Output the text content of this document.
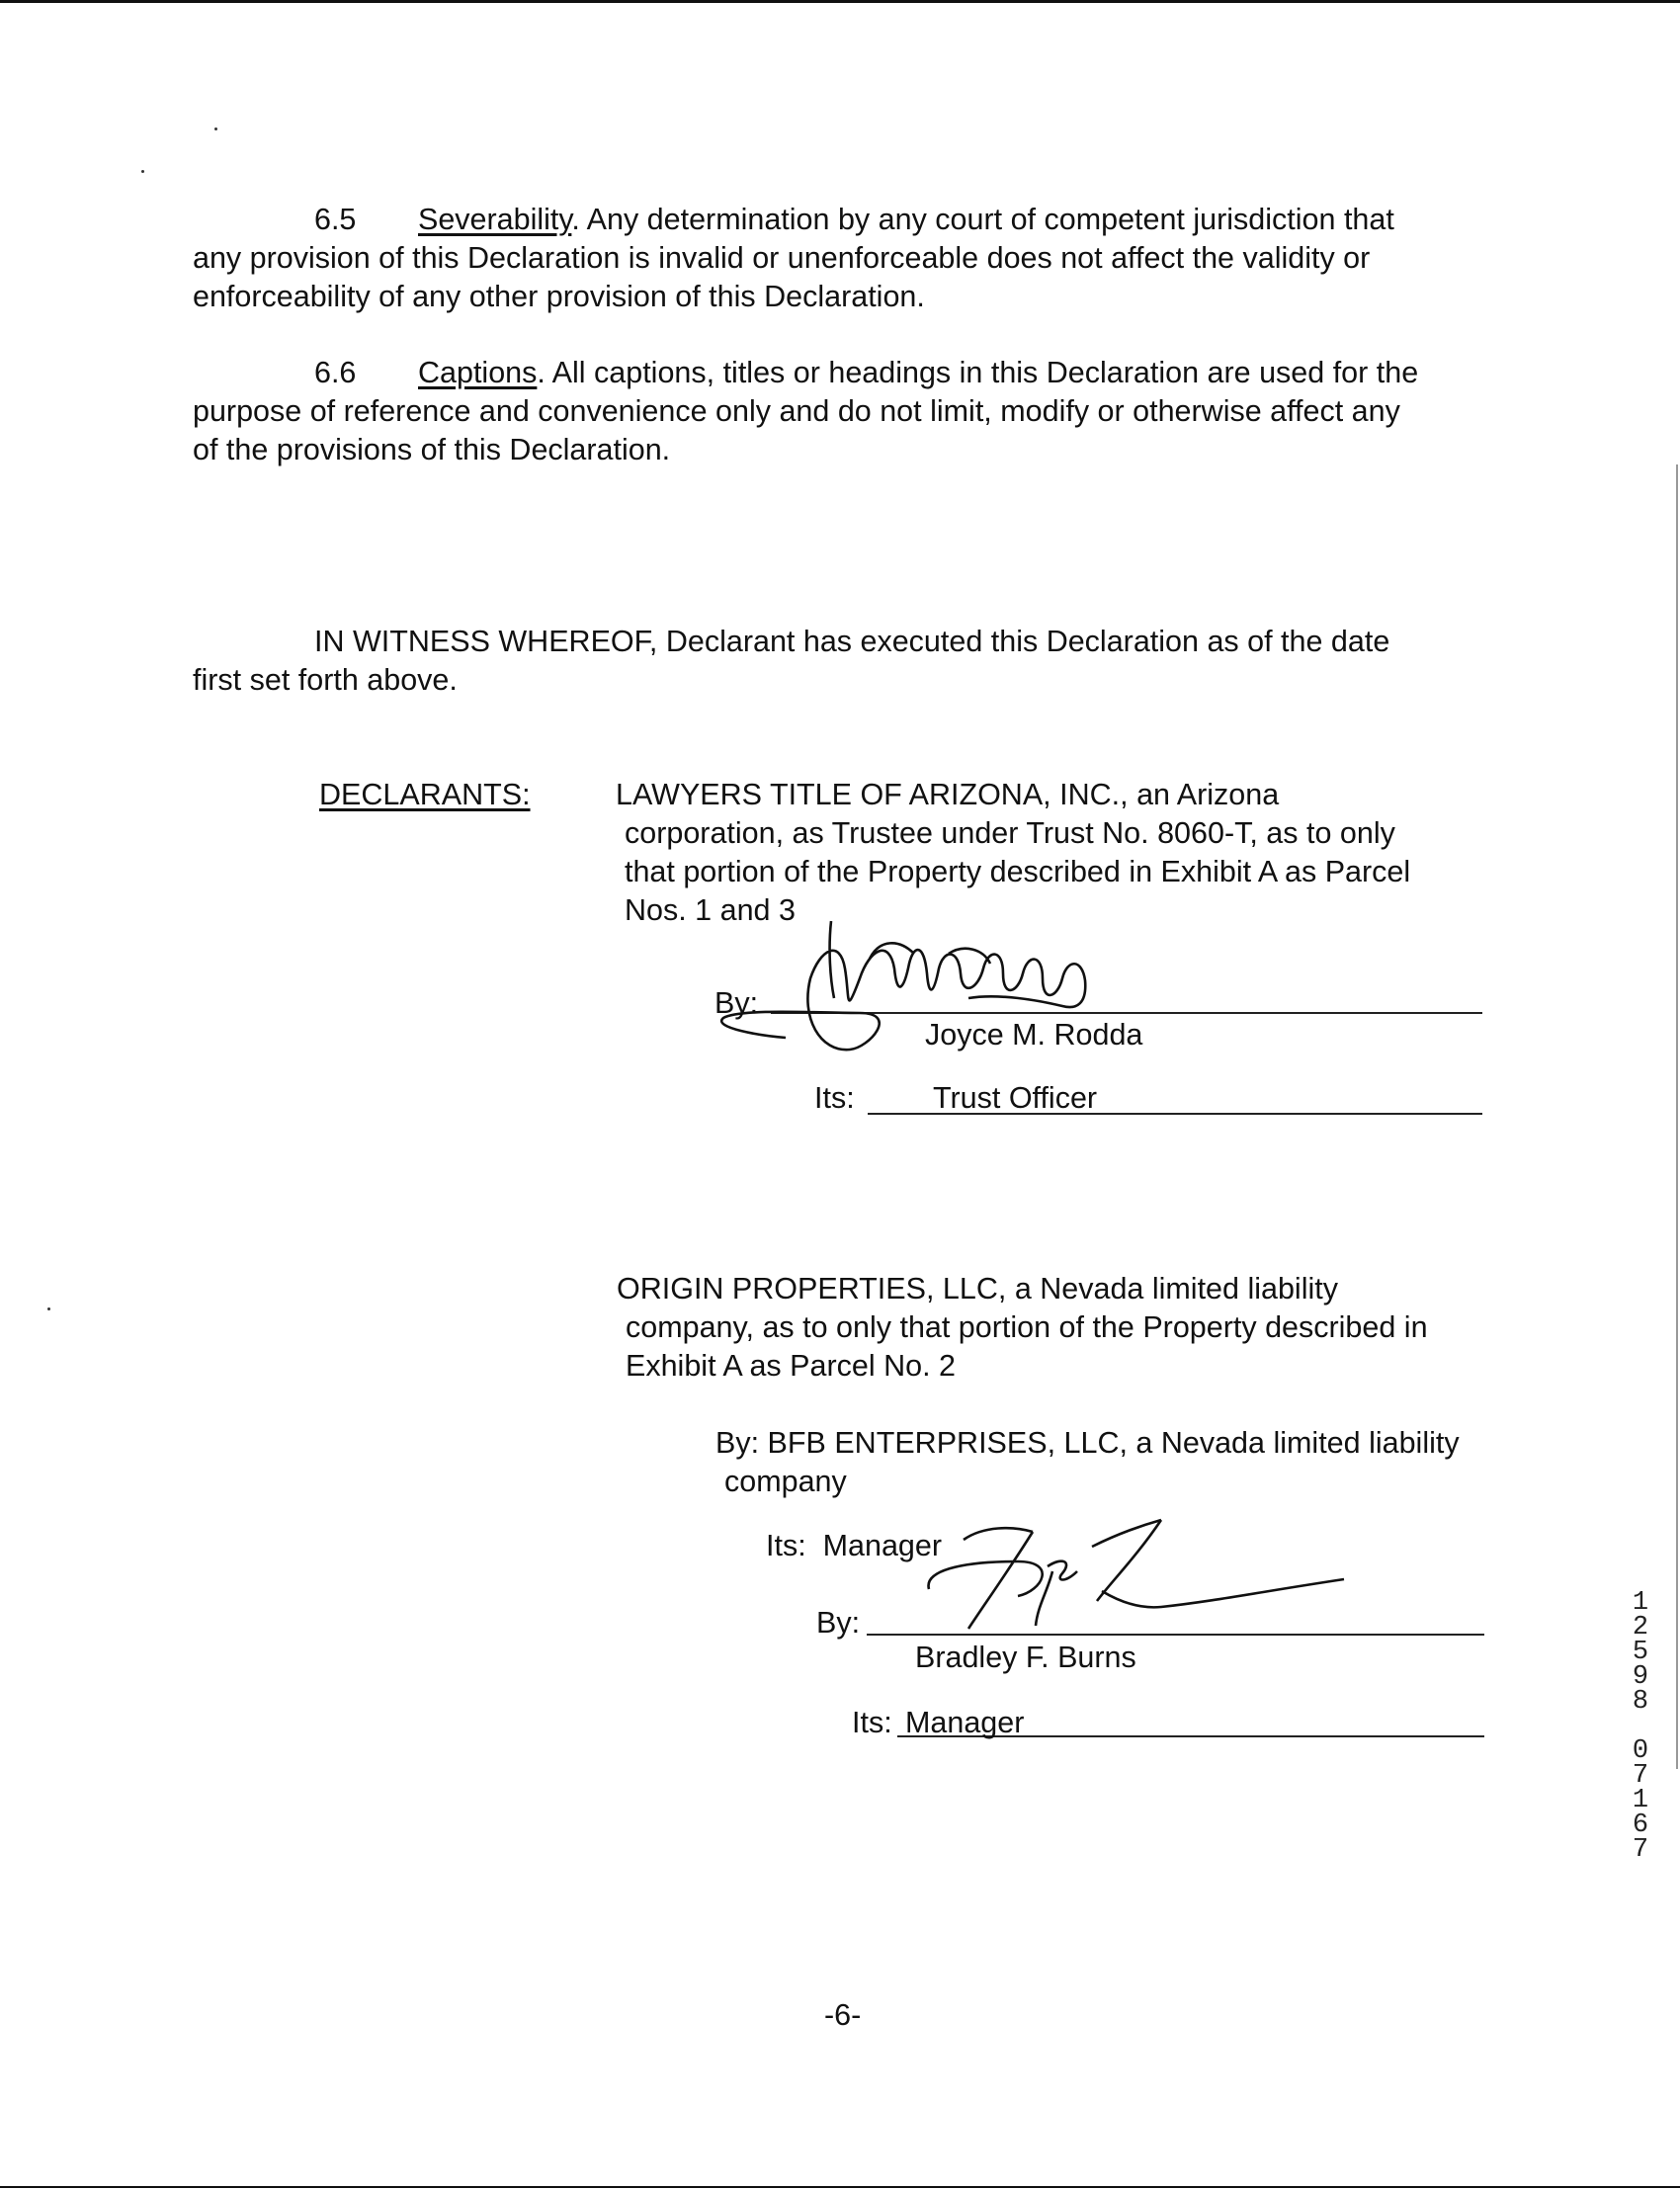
6.5 Severability. Any determination by any court of competent jurisdiction that
any provision of this Declaration is invalid or unenforceable does not affect the validity or
enforceability of any other provision of this Declaration.
6.6 Captions. All captions, titles or headings in this Declaration are used for the
purpose of reference and convenience only and do not limit, modify or otherwise affect any
of the provisions of this Declaration.
IN WITNESS WHEREOF, Declarant has executed this Declaration as of the date
first set forth above.
DECLARANTS:	LAWYERS TITLE OF ARIZONA, INC., an Arizona
corporation, as Trustee under Trust No. 8060-T, as to only
that portion of the Property described in Exhibit A as Parcel
Nos. 1 and 3
By:
Joyce M. Rodda
Its:	Trust Officer
ORIGIN PROPERTIES, LLC, a Nevada limited liability
company, as to only that portion of the Property described in
Exhibit A as Parcel No. 2
By: BFB ENTERPRISES, LLC, a Nevada limited liability
company
Its:  Manager
By:
Bradley F. Burns
Its: Manager
-6-
1
2
5
9
8
0
7
1
6
7
